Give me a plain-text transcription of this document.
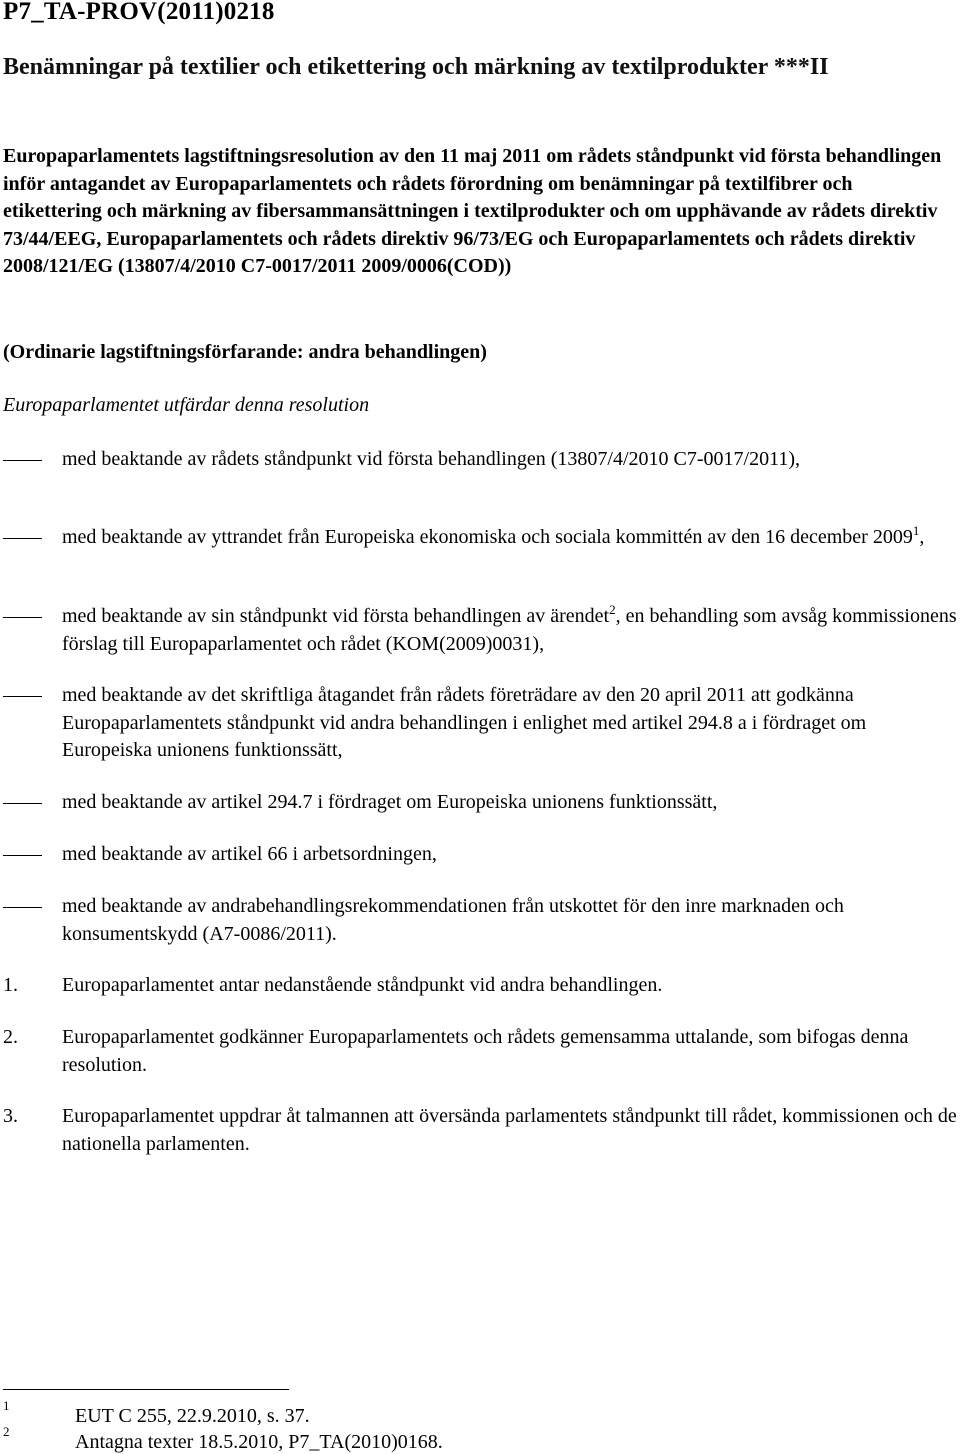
P7_TA-PROV(2011)0218
Benämningar på textilier och etikettering och märkning av textilprodukter ***II
Europaparlamentets lagstiftningsresolution av den 11 maj 2011 om rådets ståndpunkt vid första behandlingen inför antagandet av Europaparlamentets och rådets förordning om benämningar på textilfibrer och etikettering och märkning av fibersammansättningen i textilprodukter och om upphävande av rådets direktiv 73/44/EEG, Europaparlamentets och rådets direktiv 96/73/EG och Europaparlamentets och rådets direktiv 2008/121/EG (13807/4/2010 C7-0017/2011 2009/0006(COD))
(Ordinarie lagstiftningsförfarande: andra behandlingen)
Europaparlamentet utfärdar denna resolution
med beaktande av rådets ståndpunkt vid första behandlingen (13807/4/2010 C7-0017/2011),
med beaktande av yttrandet från Europeiska ekonomiska och sociala kommittén av den 16 december 2009$^1$,
med beaktande av sin ståndpunkt vid första behandlingen av ärendet$^2$, en behandling som avsåg kommissionens förslag till Europaparlamentet och rådet (KOM(2009)0031),
med beaktande av det skriftliga åtagandet från rådets företrädare av den 20 april 2011 att godkänna Europaparlamentets ståndpunkt vid andra behandlingen i enlighet med artikel 294.8 a i fördraget om Europeiska unionens funktionssätt,
med beaktande av artikel 294.7 i fördraget om Europeiska unionens funktionssätt,
med beaktande av artikel 66 i arbetsordningen,
med beaktande av andrabehandlingsrekommendationen från utskottet för den inre marknaden och konsumentskydd (A7-0086/2011).
1. Europaparlamentet antar nedanstående ståndpunkt vid andra behandlingen.
2. Europaparlamentet godkänner Europaparlamentets och rådets gemensamma uttalande, som bifogas denna resolution.
3. Europaparlamentet uppdrar åt talmannen att översända parlamentets ståndpunkt till rådet, kommissionen och de nationella parlamenten.
1	EUT C 255, 22.9.2010, s. 37.
2	Antagna texter 18.5.2010, P7_TA(2010)0168.
